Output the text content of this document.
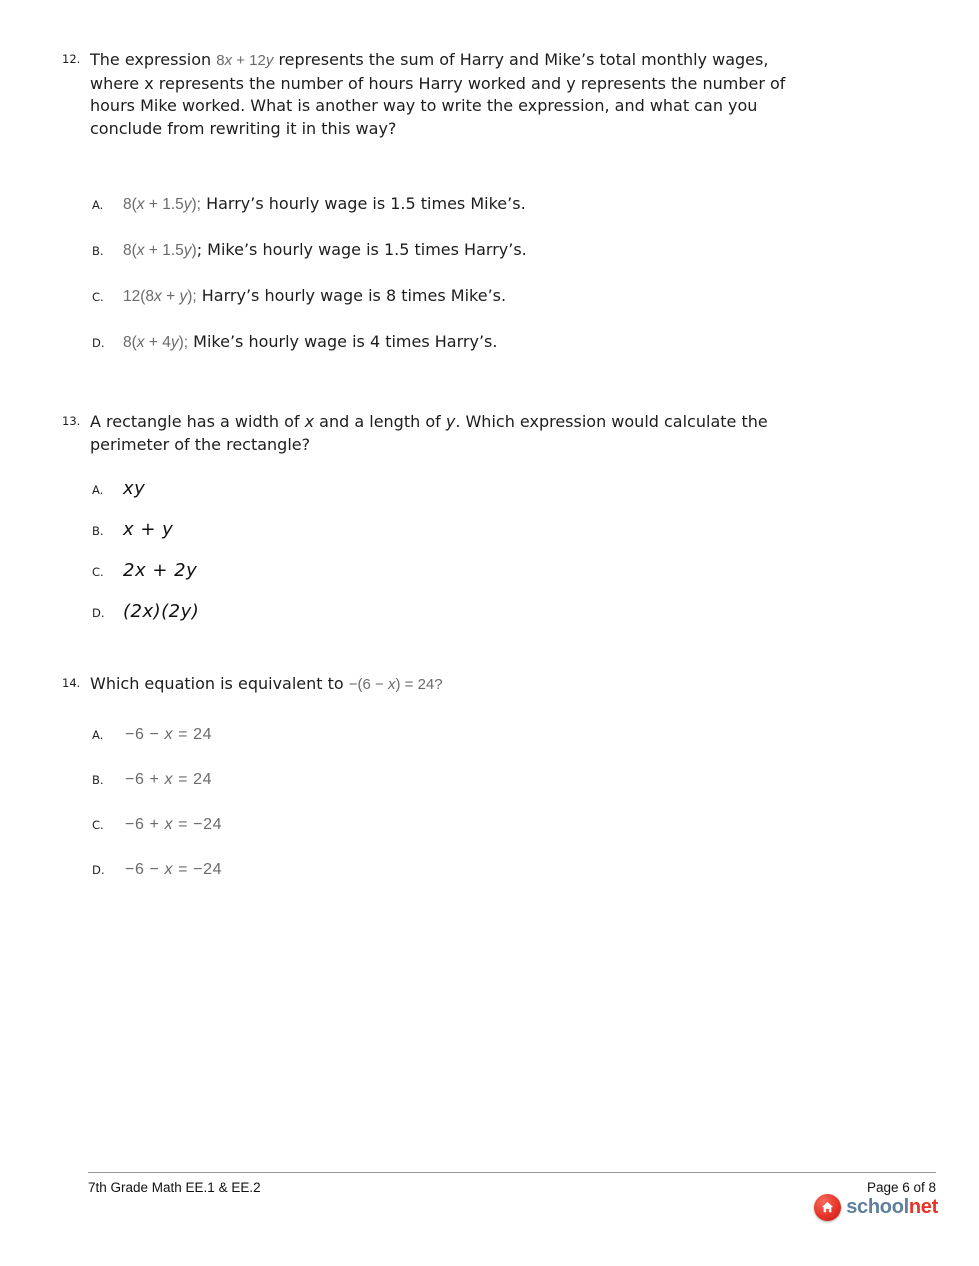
12. The expression 8x + 12y represents the sum of Harry and Mike’s total monthly wages, where x represents the number of hours Harry worked and y represents the number of hours Mike worked. What is another way to write the expression, and what can you conclude from rewriting it in this way?
A.	8(x + 1.5y); Harry’s hourly wage is 1.5 times Mike’s.
B.	8(x + 1.5y); Mike’s hourly wage is 1.5 times Harry’s.
C.	12(8x + y); Harry’s hourly wage is 8 times Mike’s.
D.	8(x + 4y); Mike’s hourly wage is 4 times Harry’s.
13. A rectangle has a width of x and a length of y. Which expression would calculate the perimeter of the rectangle?
A.	xy
B.	x + y
C.	2x + 2y
D.	(2x)(2y)
14. Which equation is equivalent to −(6 − x) = 24?
A.	−6 − x = 24
B.	−6 + x = 24
C.	−6 + x = −24
D.	−6 − x = −24
7th Grade Math EE.1 & EE.2	Page 6 of 8
schoolnet
